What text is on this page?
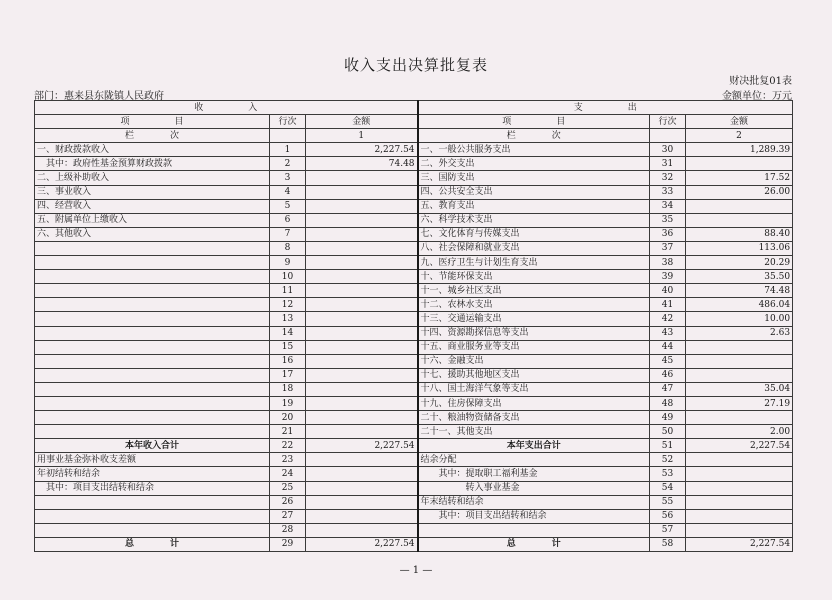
收入支出决算批复表
财决批复01表
部门：惠来县东陇镇人民政府	金额单位：万元
收　　　　　入			支　　　　　出		
项　　　　　目	行次	金额	项　　　　　目	行次	金额
栏　　　　次		1	栏　　　　次		2
一、财政拨款收入	1	2,227.54	一、一般公共服务支出	30	1,289.39
　其中：政府性基金预算财政拨款	2	74.48	二、外交支出	31	
二、上级补助收入	3		三、国防支出	32	17.52
三、事业收入	4		四、公共安全支出	33	26.00
四、经营收入	5		五、教育支出	34	
五、附属单位上缴收入	6		六、科学技术支出	35	
六、其他收入	7		七、文化体育与传媒支出	36	88.40
	8		八、社会保障和就业支出	37	113.06
	9		九、医疗卫生与计划生育支出	38	20.29
	10		十、节能环保支出	39	35.50
	11		十一、城乡社区支出	40	74.48
	12		十二、农林水支出	41	486.04
	13		十三、交通运输支出	42	10.00
	14		十四、资源勘探信息等支出	43	2.63
	15		十五、商业服务业等支出	44	
	16		十六、金融支出	45	
	17		十七、援助其他地区支出	46	
	18		十八、国土海洋气象等支出	47	35.04
	19		十九、住房保障支出	48	27.19
	20		二十、粮油物资储备支出	49	
	21		二十一、其他支出	50	2.00
本年收入合计	22	2,227.54	本年支出合计	51	2,227.54
用事业基金弥补收支差额	23		结余分配	52	
年初结转和结余	24		　　其中：提取职工福利基金	53	
　其中：项目支出结转和结余	25		　　　　　转入事业基金	54	
	26		年末结转和结余	55	
	27		　　其中：项目支出结转和结余	56	
	28			57	
总　　　　计	29	2,227.54	总　　　　计	58	2,227.54
— 1 —
